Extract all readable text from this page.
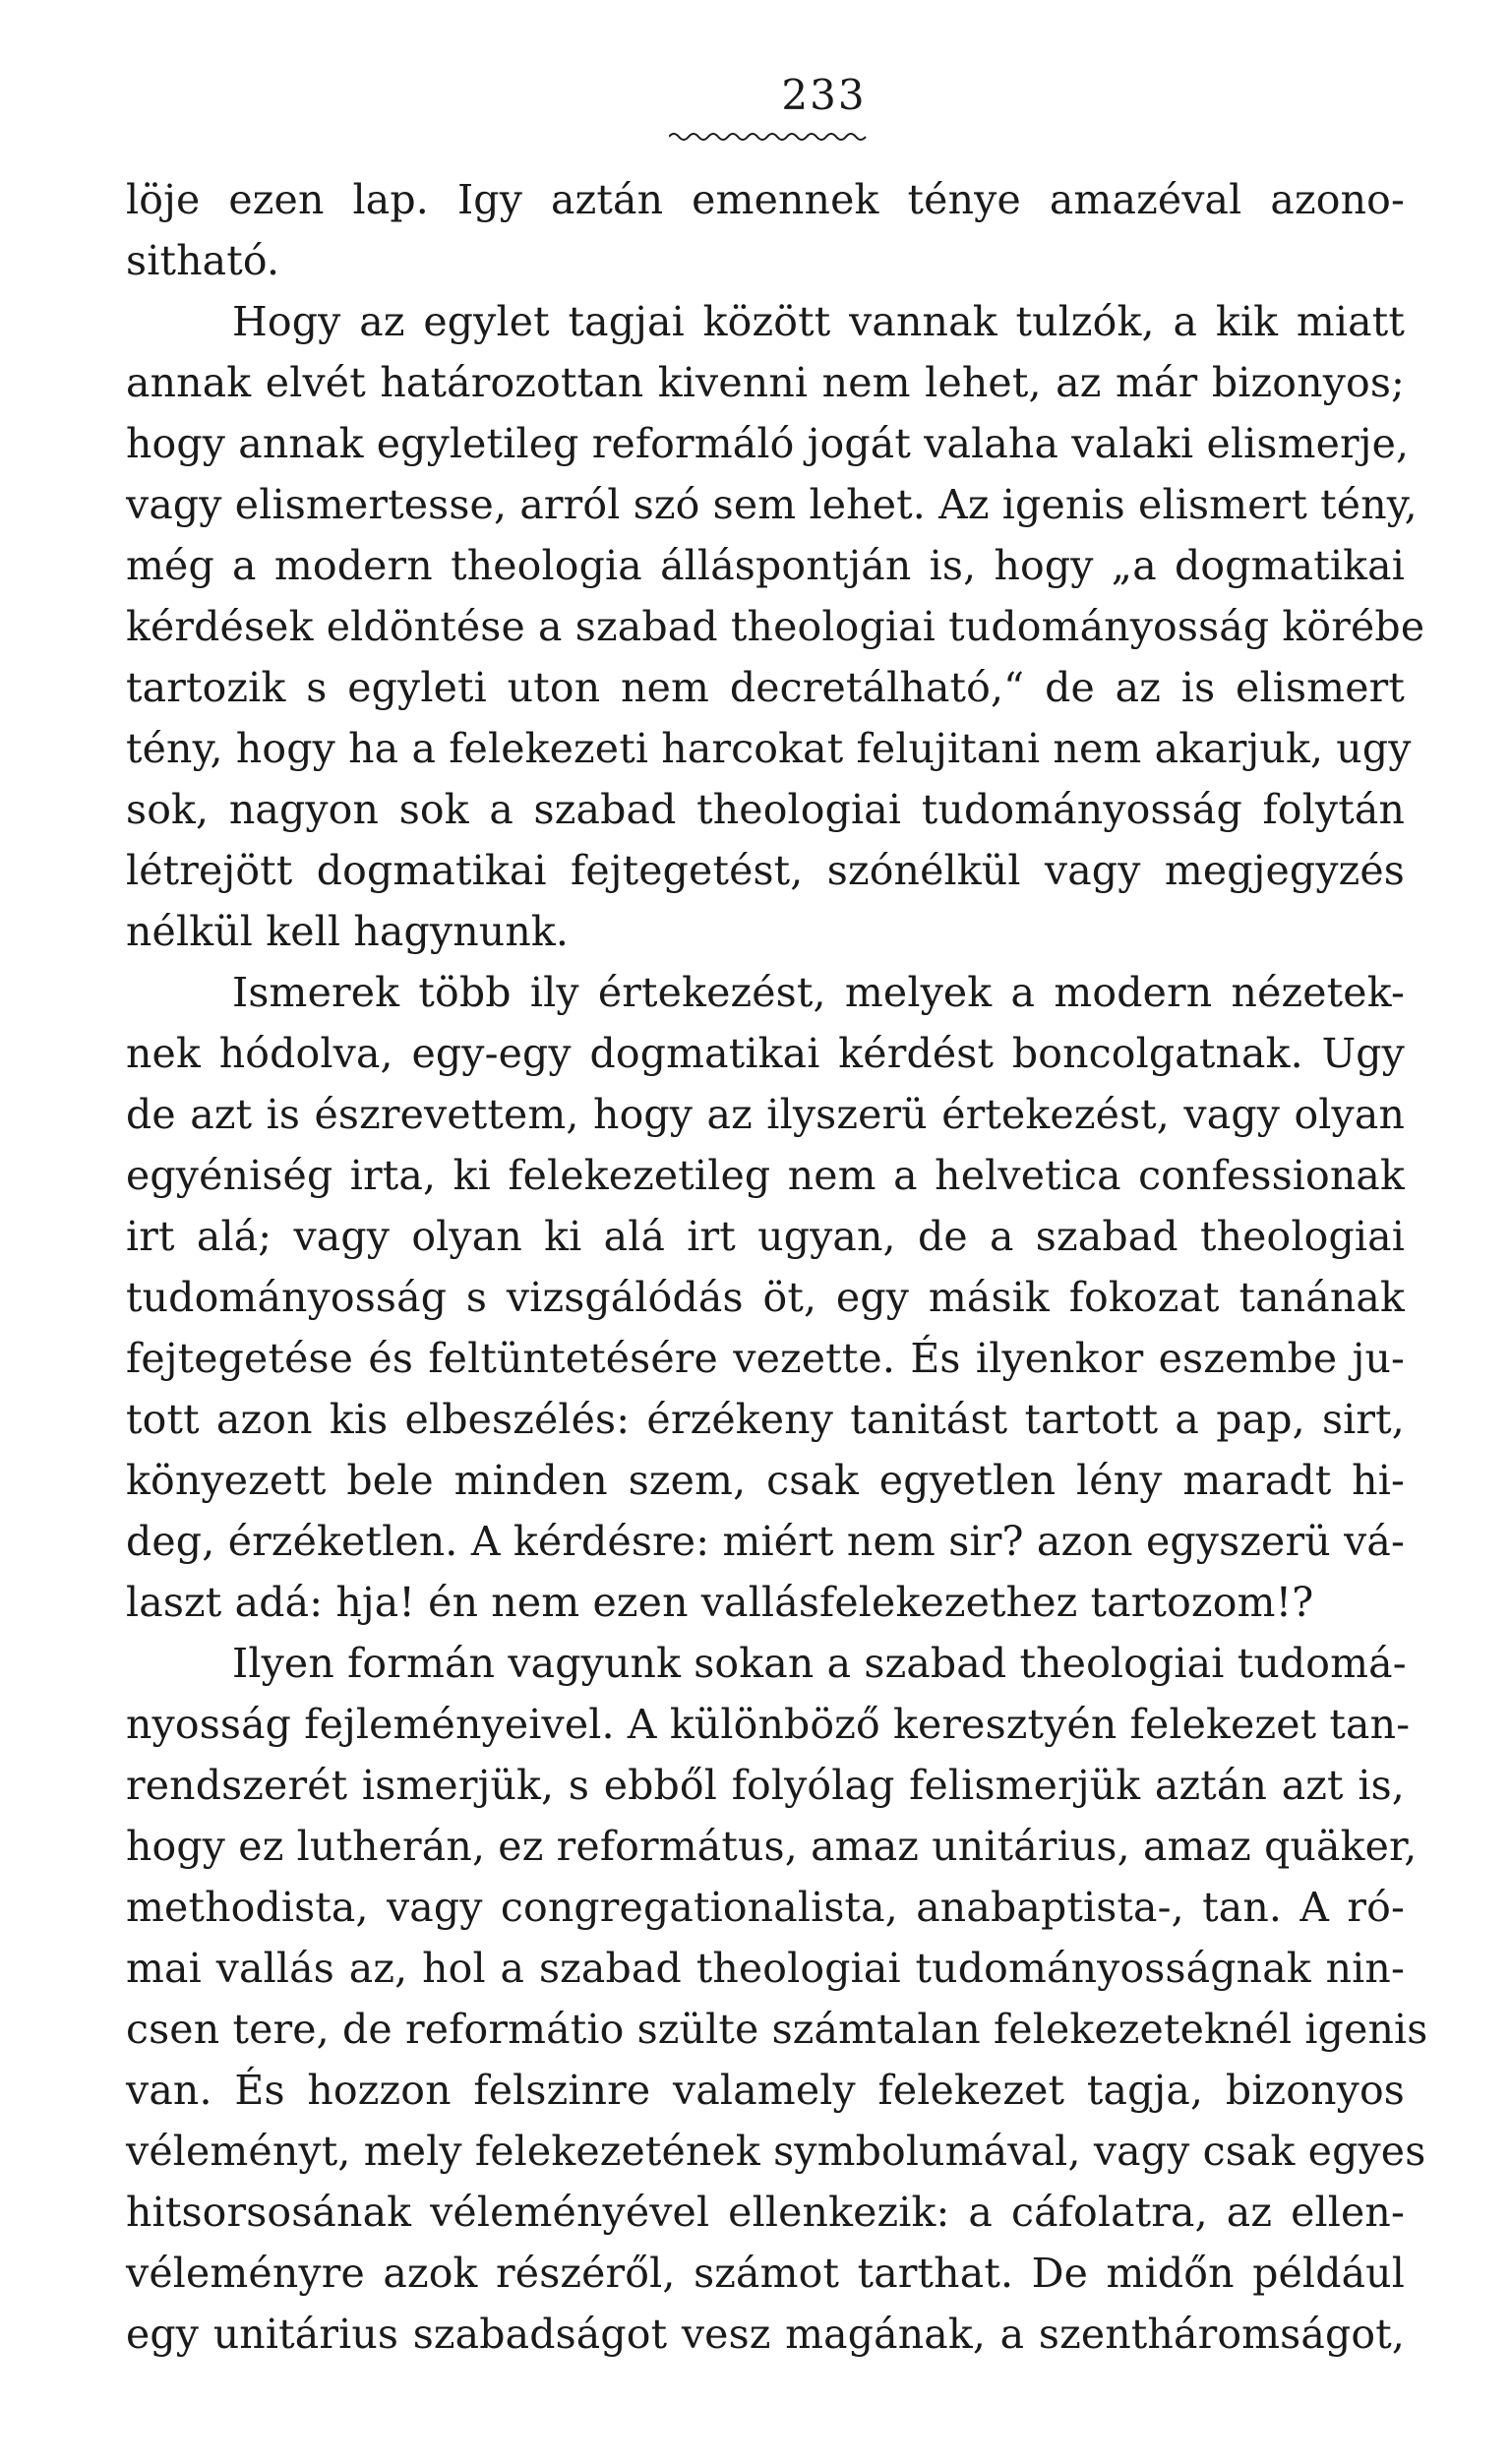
233
löje ezen lap. Igy aztán emennek ténye amazéval azono-
sitható.
Hogy az egylet tagjai között vannak tulzók, a kik miatt
annak elvét határozottan kivenni nem lehet, az már bizonyos;
hogy annak egyletileg reformáló jogát valaha valaki elismerje,
vagy elismertesse, arról szó sem lehet. Az igenis elismert tény,
még a modern theologia álláspontján is, hogy „a dogmatikai
kérdések eldöntése a szabad theologiai tudományosság körébe
tartozik s egyleti uton nem decretálható,“ de az is elismert
tény, hogy ha a felekezeti harcokat felujitani nem akarjuk, ugy
sok, nagyon sok a szabad theologiai tudományosság folytán
létrejött dogmatikai fejtegetést, szónélkül vagy megjegyzés
nélkül kell hagynunk.
Ismerek több ily értekezést, melyek a modern nézetek-
nek hódolva, egy-egy dogmatikai kérdést boncolgatnak. Ugy
de azt is észrevettem, hogy az ilyszerü értekezést, vagy olyan
egyéniség irta, ki felekezetileg nem a helvetica confessionak
irt alá; vagy olyan ki alá irt ugyan, de a szabad theologiai
tudományosság s vizsgálódás öt, egy másik fokozat tanának
fejtegetése és feltüntetésére vezette. És ilyenkor eszembe ju-
tott azon kis elbeszélés: érzékeny tanitást tartott a pap, sirt,
könyezett bele minden szem, csak egyetlen lény maradt hi-
deg, érzéketlen. A kérdésre: miért nem sir? azon egyszerü vá-
laszt adá: hja! én nem ezen vallásfelekezethez tartozom!?
Ilyen formán vagyunk sokan a szabad theologiai tudomá-
nyosság fejleményeivel. A különböző keresztyén felekezet tan-
rendszerét ismerjük, s ebből folyólag felismerjük aztán azt is,
hogy ez lutherán, ez református, amaz unitárius, amaz quäker,
methodista, vagy congregationalista, anabaptista-, tan. A ró-
mai vallás az, hol a szabad theologiai tudományosságnak nin-
csen tere, de reformátio szülte számtalan felekezeteknél igenis
van. És hozzon felszinre valamely felekezet tagja, bizonyos
véleményt, mely felekezetének symbolumával, vagy csak egyes
hitsorsosának véleményével ellenkezik: a cáfolatra, az ellen-
véleményre azok részéről, számot tarthat. De midőn például
egy unitárius szabadságot vesz magának, a szentháromságot,
